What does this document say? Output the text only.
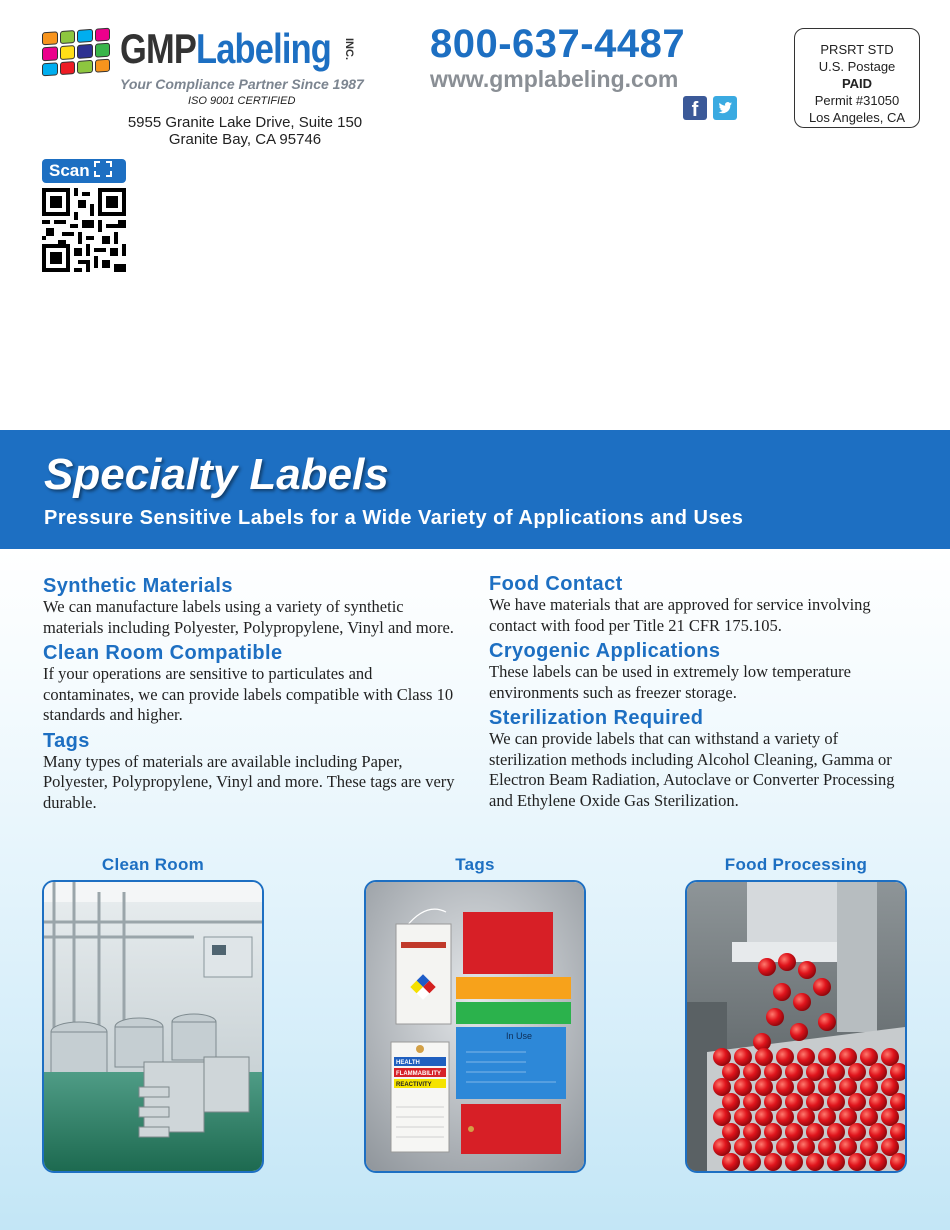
GMPLabeling INC.
Your Compliance Partner Since 1987
ISO 9001 CERTIFIED
5955 Granite Lake Drive, Suite 150
Granite Bay, CA 95746
800-637-4487
www.gmplabeling.com
f
PRSRT STD
U.S. Postage
PAID
Permit #31050
Los Angeles, CA
Scan
Specialty Labels
Pressure Sensitive Labels for a Wide Variety of Applications and Uses
Synthetic Materials

We can manufacture labels using a variety of synthetic materials including Polyester, Polypropylene, Vinyl and more.

Clean Room Compatible

If your operations are sensitive to particulates and contaminates, we can provide labels compatible with Class 10 standards and higher.

Tags

Many types of materials are available including Paper, Polyester, Polypropylene, Vinyl and more. These tags are very durable.

Food Contact

We have materials that are approved for service involving contact with food per Title 21 CFR 175.105.

Cryogenic Applications

These labels can be used in extremely low temperature environments such as freezer storage.

Sterilization Required

We can provide labels that can withstand a variety of sterilization methods including Alcohol Cleaning, Gamma or Electron Beam Radiation, Autoclave or Converter Processing and Ethylene Oxide Gas Sterilization.

Clean Room	Tags	Food Processing
In Use
HEALTH
FLAMMABILITY
REACTIVITY
